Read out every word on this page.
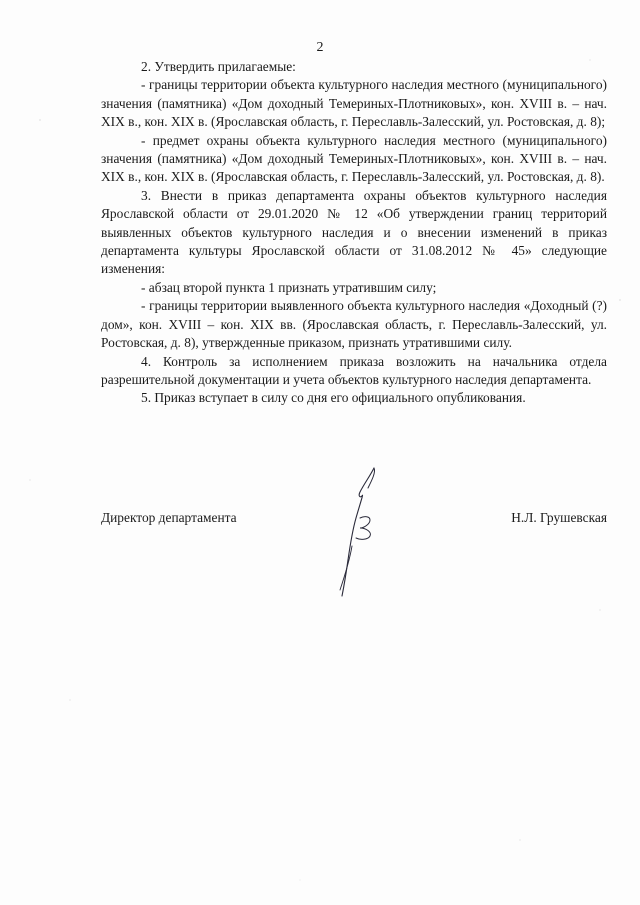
2

2. Утвердить прилагаемые:

- границы территории объекта культурного наследия местного (муниципального) значения (памятника) «Дом доходный Темериных-Плотниковых», кон. XVIII в. – нач. XIX в., кон. XIX в. (Ярославская область, г. Переславль-Залесский, ул. Ростовская, д. 8);

- предмет охраны объекта культурного наследия местного (муниципального) значения (памятника) «Дом доходный Темериных-Плотниковых», кон. XVIII в. – нач. XIX в., кон. XIX в. (Ярославская область, г. Переславль-Залесский, ул. Ростовская, д. 8).

3. Внести в приказ департамента охраны объектов культурного наследия Ярославской области от 29.01.2020 № 12 «Об утверждении границ территорий выявленных объектов культурного наследия и о внесении изменений в приказ департамента культуры Ярославской области от 31.08.2012 № 45» следующие изменения:

- абзац второй пункта 1 признать утратившим силу;

- границы территории выявленного объекта культурного наследия «Доходный (?) дом», кон. XVIII – кон. XIX вв. (Ярославская область, г. Переславль-Залесский, ул. Ростовская, д. 8), утвержденные приказом, признать утратившими силу.

4. Контроль за исполнением приказа возложить на начальника отдела разрешительной документации и учета объектов культурного наследия департамента.

5. Приказ вступает в силу со дня его официального опубликования.

Директор департамента	Н.Л. Грушевская
